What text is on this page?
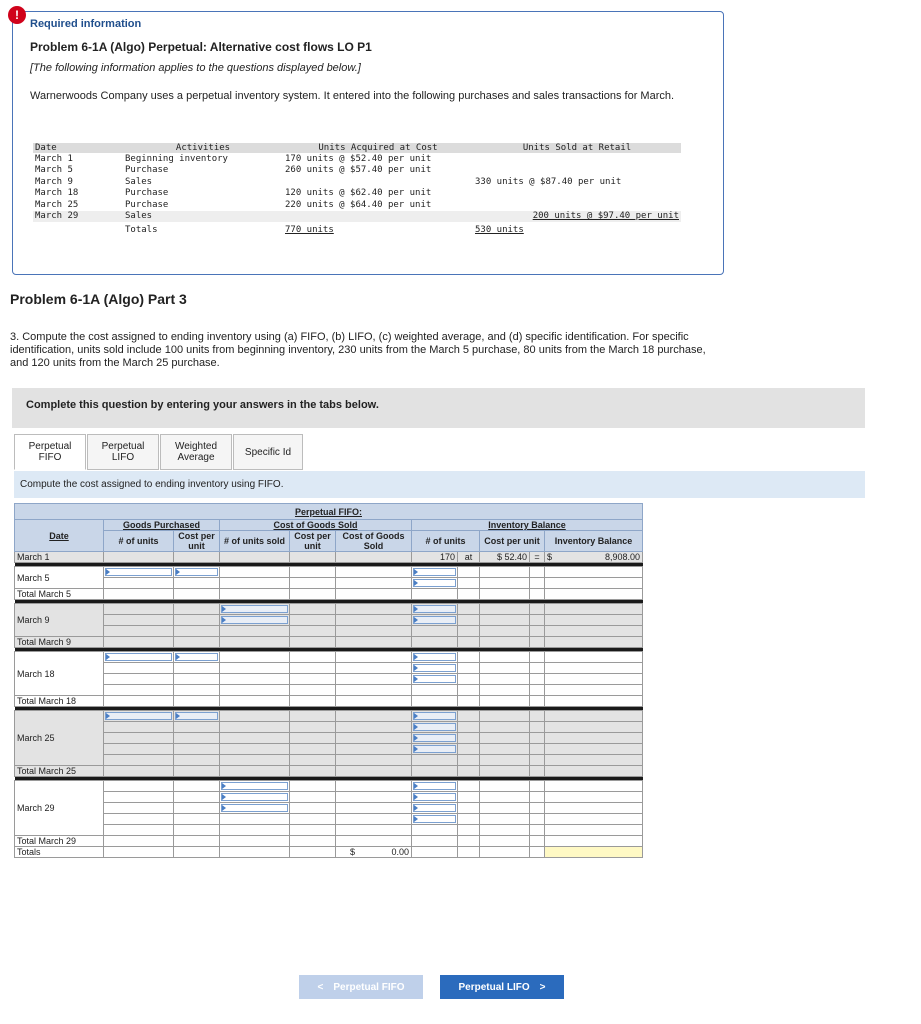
!
Required information
Problem 6-1A (Algo) Perpetual: Alternative cost flows LO P1
[The following information applies to the questions displayed below.]
Warnerwoods Company uses a perpetual inventory system. It entered into the following purchases and sales transactions for March.
Date	Activities	Units Acquired at Cost	Units Sold at Retail
March 1	Beginning inventory	170 units @ $52.40 per unit	
March 5	Purchase	260 units @ $57.40 per unit	
March 9	Sales		330 units @ $87.40 per unit
March 18	Purchase	120 units @ $62.40 per unit	
March 25	Purchase	220 units @ $64.40 per unit	
March 29	Sales		200 units @ $97.40 per unit
	Totals	770 units	530 units
Problem 6-1A (Algo) Part 3
3. Compute the cost assigned to ending inventory using (a) FIFO, (b) LIFO, (c) weighted average, and (d) specific identification. For specific identification, units sold include 100 units from beginning inventory, 230 units from the March 5 purchase, 80 units from the March 18 purchase, and 120 units from the March 25 purchase.
Complete this question by entering your answers in the tabs below.
Perpetual FIFO
Perpetual LIFO
Weighted
Average	Specific Id
Compute the cost assigned to ending inventory using FIFO.
Perpetual FIFO:										
Date	Goods Purchased		Cost of Goods Sold			Inventory Balance				
	# of units	Cost per unit	# of units sold	Cost per unit	Cost of Goods Sold	# of units		Cost per unit		Inventory Balance
March 1						170	at	$ 52.40	=	$ 8,908.00

March 5										

Total March 5										

March 9										

Total March 9										

March 18										

Total March 18										

March 25										

Total March 25										

March 29										

Total March 29										
Totals					$ 0.00					
< Perpetual FIFO	Perpetual LIFO >
